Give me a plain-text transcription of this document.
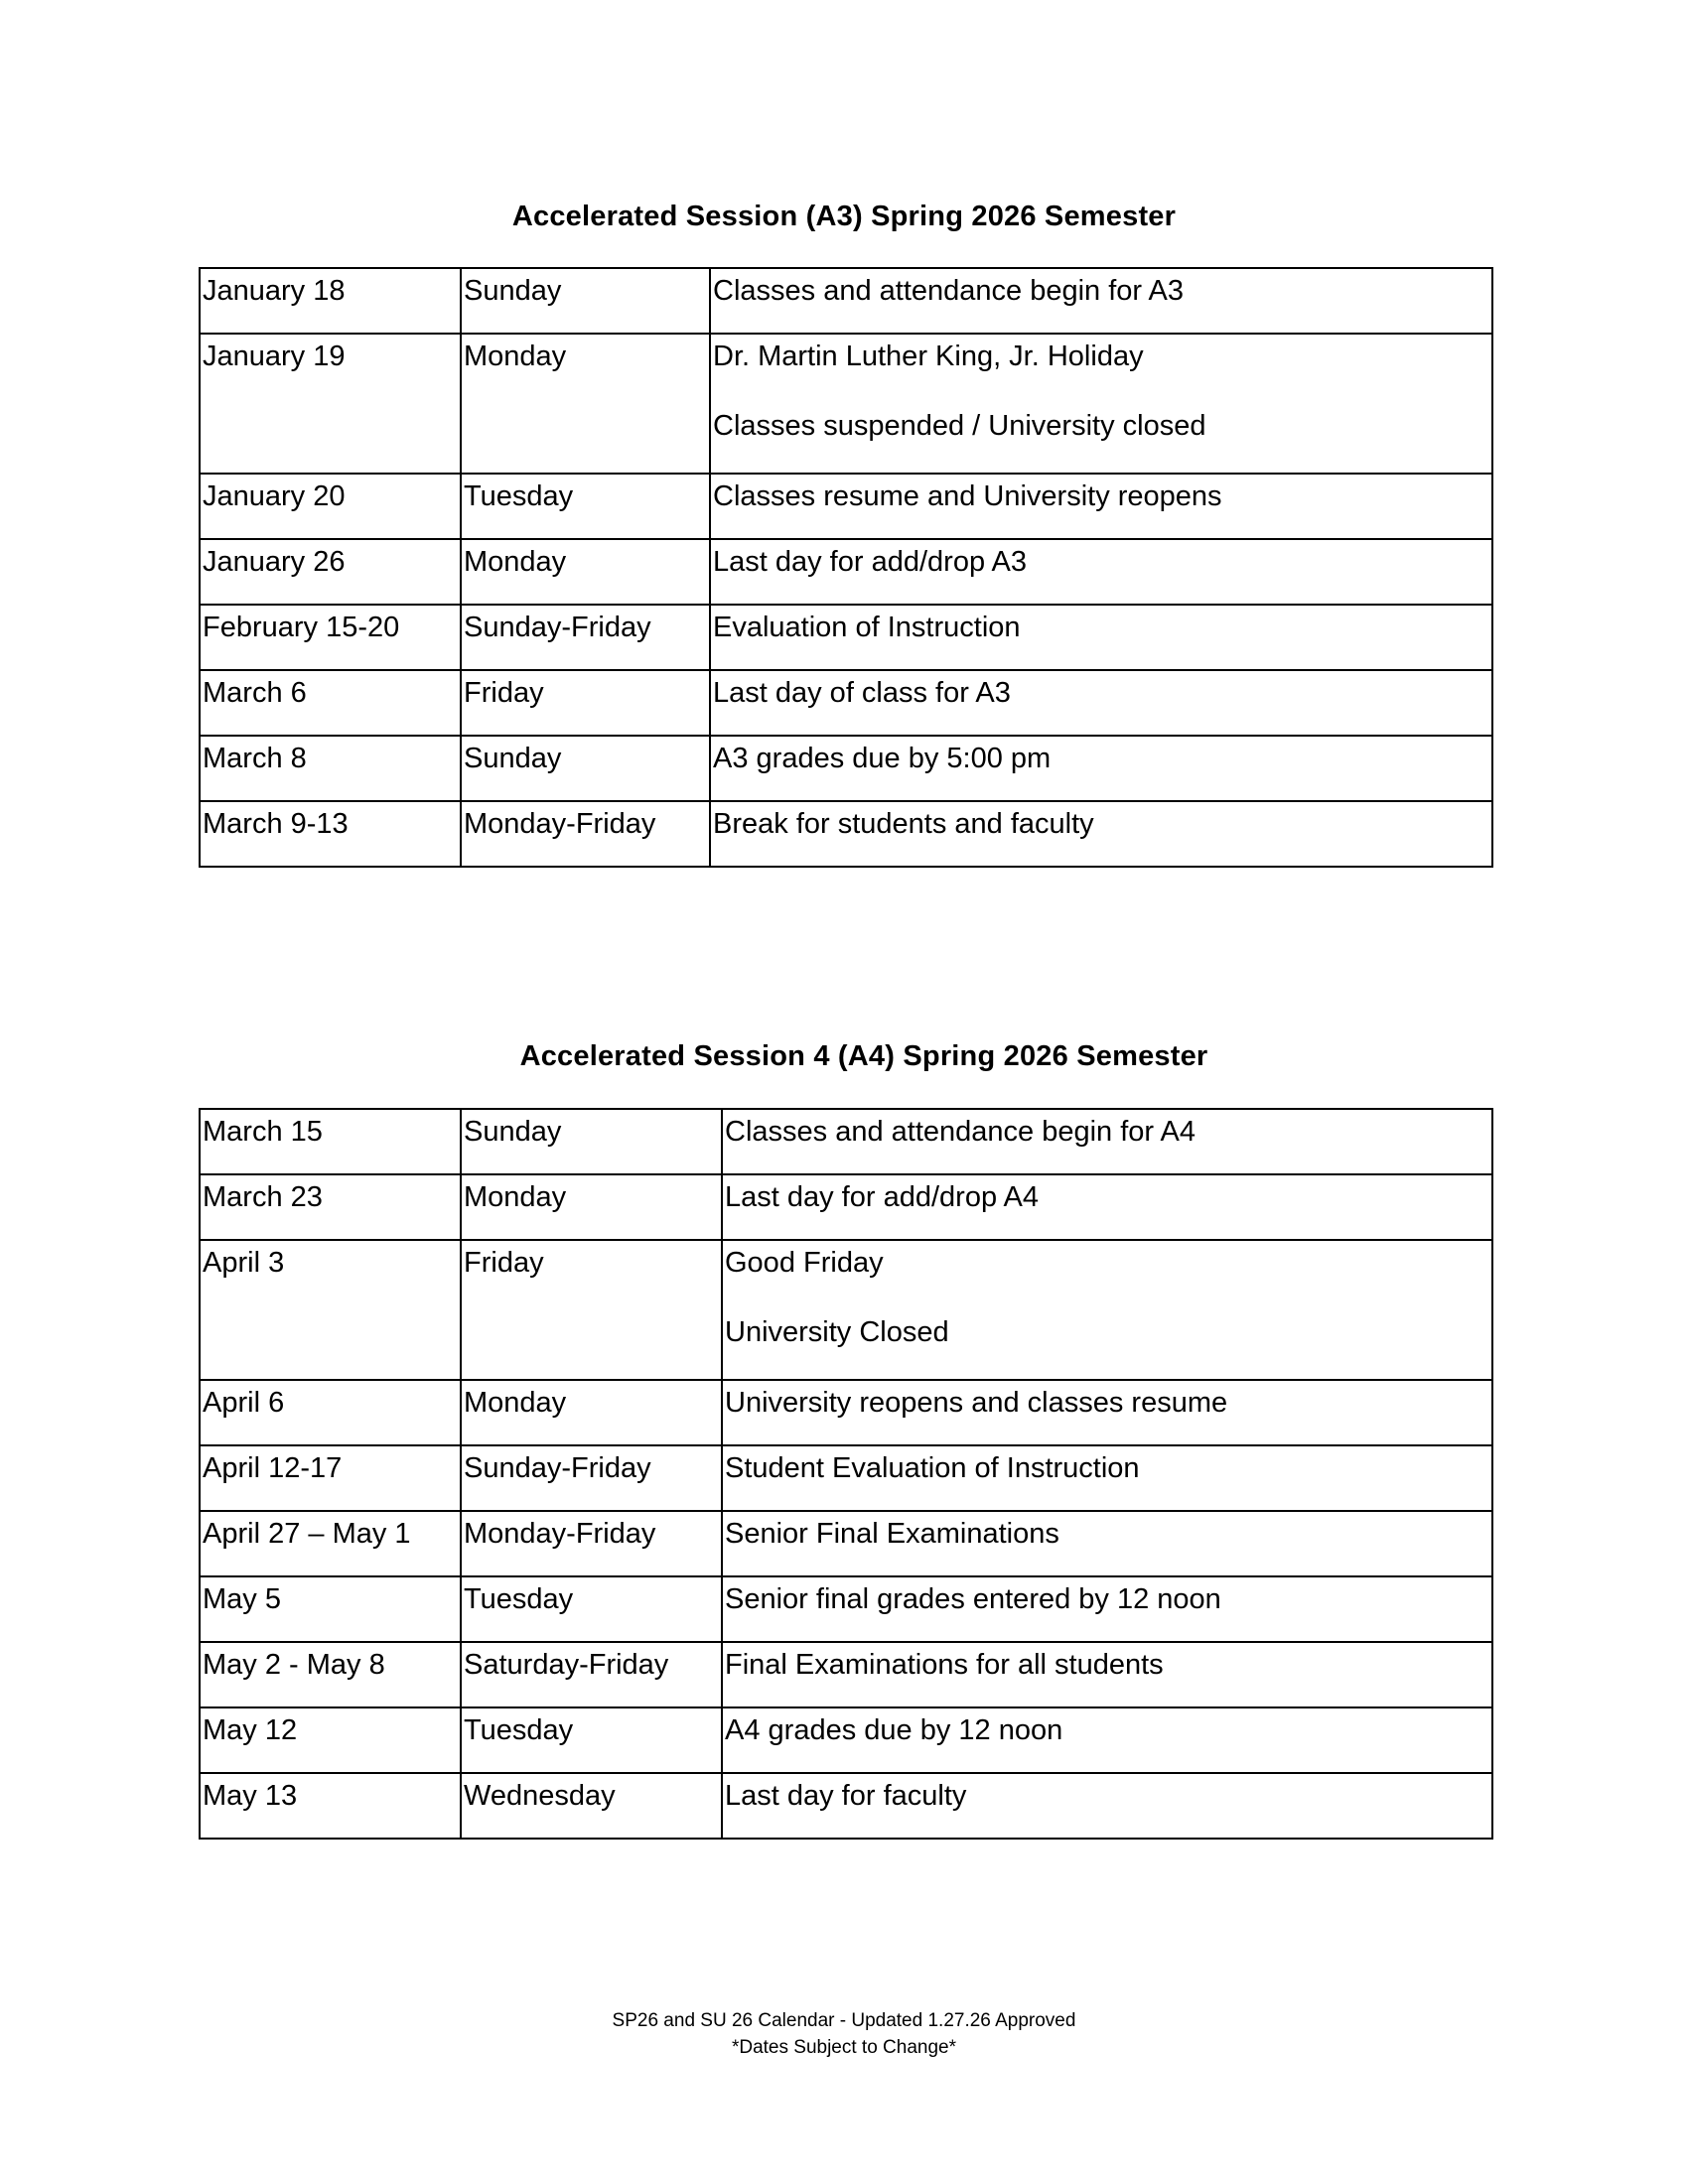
Accelerated Session (A3) Spring 2026 Semester
January 18	Sunday	Classes and attendance begin for A3
January 19	Monday	Dr. Martin Luther King, Jr. Holiday
Classes suspended / University closed

January 20	Tuesday	Classes resume and University reopens
January 26	Monday	Last day for add/drop A3
February 15-20	Sunday-Friday	Evaluation of Instruction
March 6	Friday	Last day of class for A3
March 8	Sunday	A3 grades due by 5:00 pm
March 9-13	Monday-Friday	Break for students and faculty
Accelerated Session 4 (A4) Spring 2026 Semester
March 15	Sunday	Classes and attendance begin for A4
March 23	Monday	Last day for add/drop A4
April 3	Friday	Good Friday
University Closed

April 6	Monday	University reopens and classes resume
April 12-17	Sunday-Friday	Student Evaluation of Instruction
April 27 – May 1	Monday-Friday	Senior Final Examinations
May 5	Tuesday	Senior final grades entered by 12 noon
May 2 - May 8	Saturday-Friday	Final Examinations for all students
May 12	Tuesday	A4 grades due by 12 noon
May 13	Wednesday	Last day for faculty
SP26 and SU 26 Calendar - Updated 1.27.26 Approved
*Dates Subject to Change*
